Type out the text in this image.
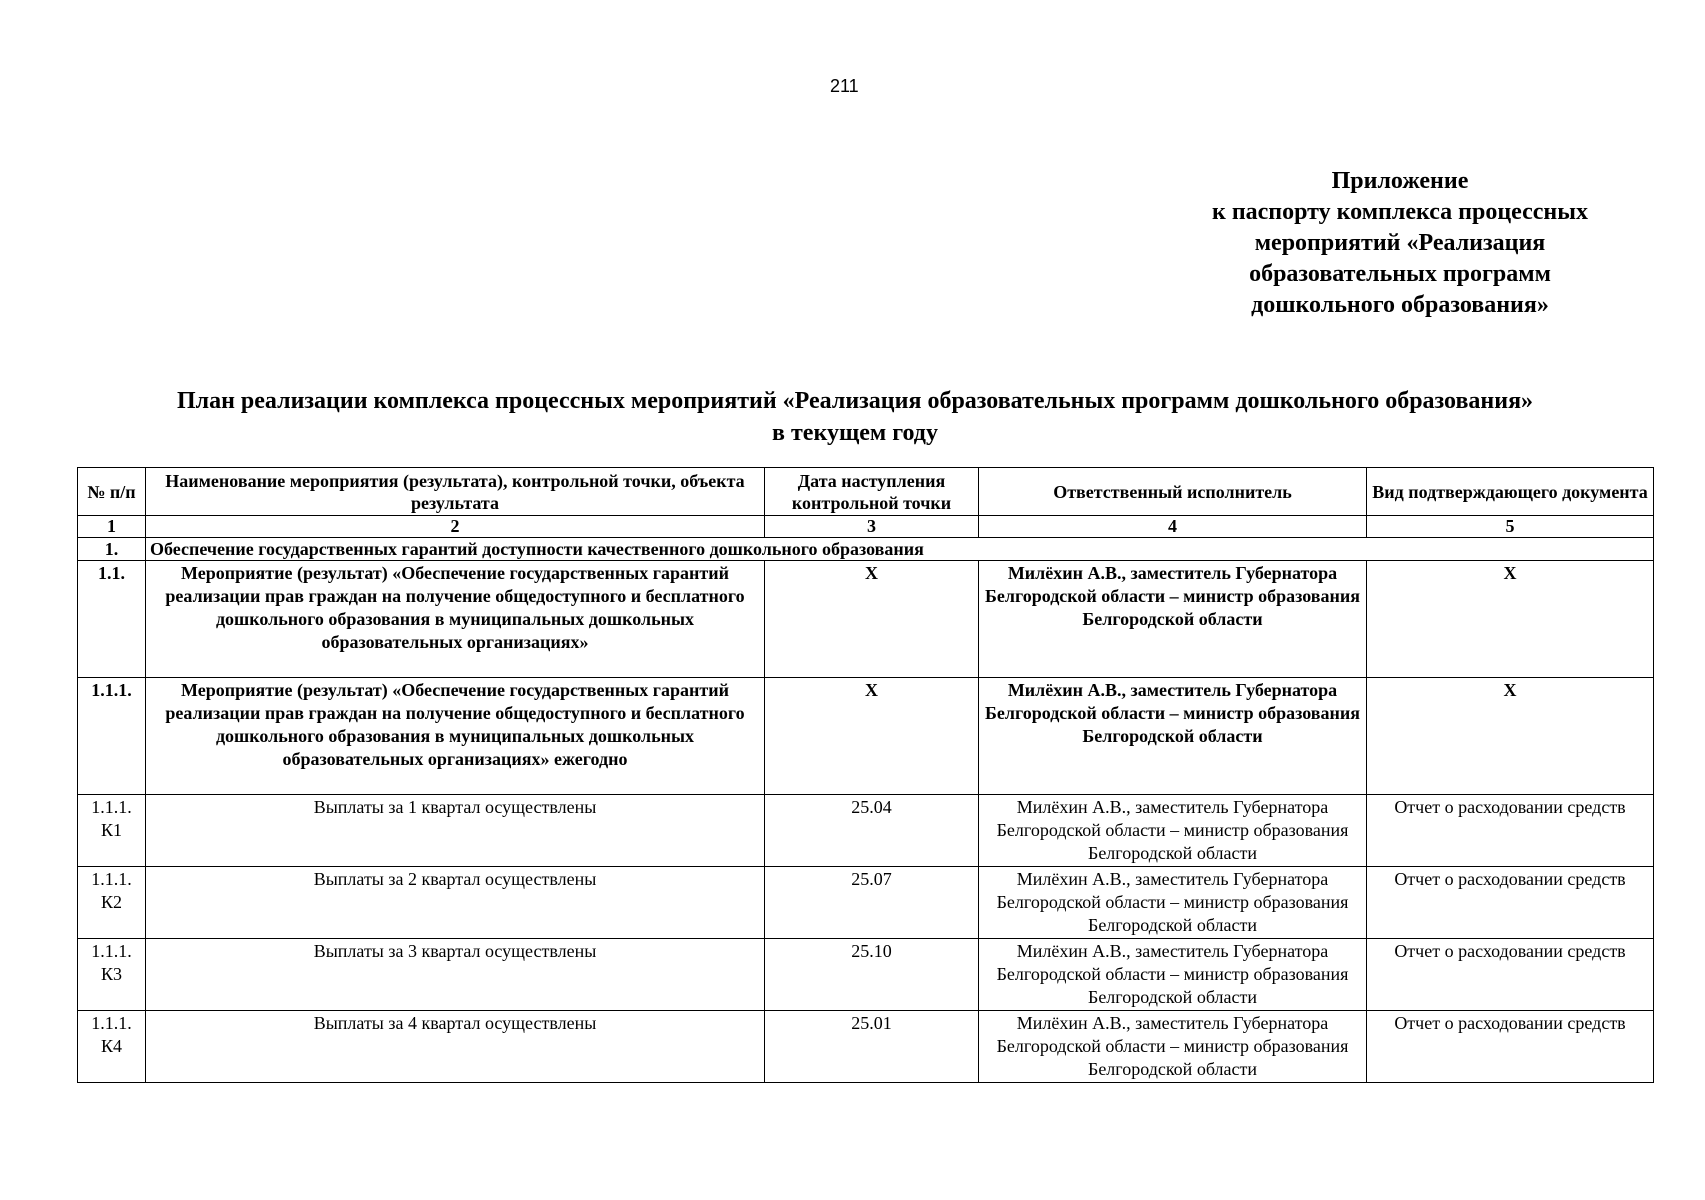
211
Приложение
к паспорту комплекса процессных
мероприятий «Реализация
образовательных программ
дошкольного образования»
План реализации комплекса процессных мероприятий «Реализация образовательных программ дошкольного образования»
в текущем году
№ п/п	Наименование мероприятия (результата), контрольной точки, объекта результата	Дата наступления контрольной точки	Ответственный исполнитель	Вид подтверждающего документа
1	2	3	4	5
1.	Обеспечение государственных гарантий доступности качественного дошкольного образования			
1.1.	Мероприятие (результат) «Обеспечение государственных гарантий реализации прав граждан на получение общедоступного и бесплатного дошкольного образования в муниципальных дошкольных образовательных организациях»	Х	Милёхин А.В., заместитель Губернатора Белгородской области – министр образования Белгородской области	Х
1.1.1.	Мероприятие (результат) «Обеспечение государственных гарантий реализации прав граждан на получение общедоступного и бесплатного дошкольного образования в муниципальных дошкольных образовательных организациях» ежегодно	Х	Милёхин А.В., заместитель Губернатора Белгородской области – министр образования Белгородской области	Х
1.1.1. К1	Выплаты за 1 квартал осуществлены	25.04	Милёхин А.В., заместитель Губернатора Белгородской области – министр образования Белгородской области	Отчет о расходовании средств
1.1.1. К2	Выплаты за 2 квартал осуществлены	25.07	Милёхин А.В., заместитель Губернатора Белгородской области – министр образования Белгородской области	Отчет о расходовании средств
1.1.1. К3	Выплаты за 3 квартал осуществлены	25.10	Милёхин А.В., заместитель Губернатора Белгородской области – министр образования Белгородской области	Отчет о расходовании средств
1.1.1. К4	Выплаты за 4 квартал осуществлены	25.01	Милёхин А.В., заместитель Губернатора Белгородской области – министр образования Белгородской области	Отчет о расходовании средств
